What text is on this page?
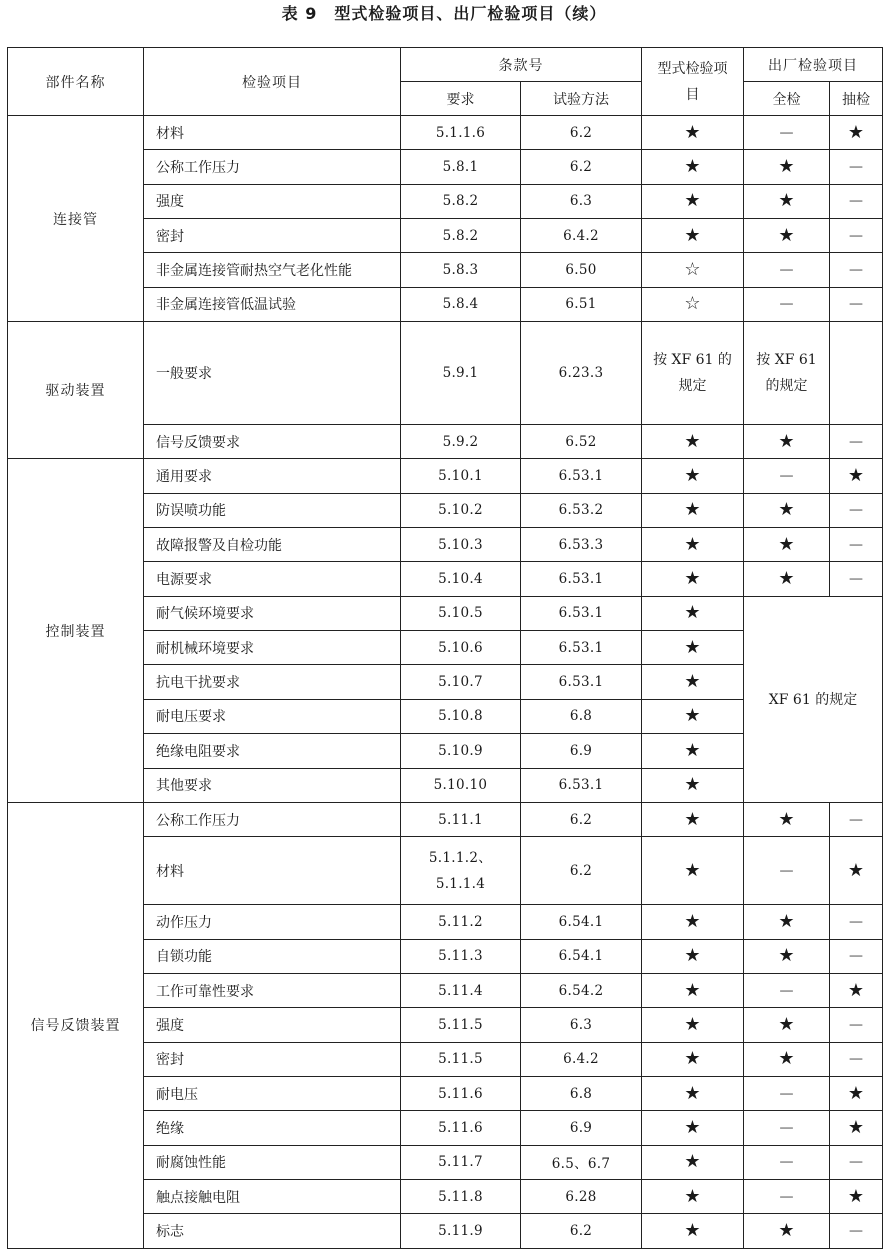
表 9　型式检验项目、出厂检验项目（续）
部件名称	检验项目	条款号		型式检验项目	出厂检验项目	
		要求	试验方法		全检	抽检
连接管	材料	5.1.1.6	6.2	★	—	★
	公称工作压力	5.8.1	6.2	★	★	—
	强度	5.8.2	6.3	★	★	—
	密封	5.8.2	6.4.2	★	★	—
	非金属连接管耐热空气老化性能	5.8.3	6.50	☆	—	—
	非金属连接管低温试验	5.8.4	6.51	☆	—	—
驱动装置	一般要求	5.9.1	6.23.3	按 XF 61 的规定	按 XF 61 的规定	
	信号反馈要求	5.9.2	6.52	★	★	—
控制装置	通用要求	5.10.1	6.53.1	★	—	★
	防误喷功能	5.10.2	6.53.2	★	★	—
	故障报警及自检功能	5.10.3	6.53.3	★	★	—
	电源要求	5.10.4	6.53.1	★	★	—
	耐气候环境要求	5.10.5	6.53.1	★	XF 61 的规定	
	耐机械环境要求	5.10.6	6.53.1	★		
	抗电干扰要求	5.10.7	6.53.1	★		
	耐电压要求	5.10.8	6.8	★		
	绝缘电阻要求	5.10.9	6.9	★		
	其他要求	5.10.10	6.53.1	★		
信号反馈装置	公称工作压力	5.11.1	6.2	★	★	—
	材料	5.1.1.2、
5.1.1.4	6.2	★	—	★
	动作压力	5.11.2	6.54.1	★	★	—
	自锁功能	5.11.3	6.54.1	★	★	—
	工作可靠性要求	5.11.4	6.54.2	★	—	★
	强度	5.11.5	6.3	★	★	—
	密封	5.11.5	6.4.2	★	★	—
	耐电压	5.11.6	6.8	★	—	★
	绝缘	5.11.6	6.9	★	—	★
	耐腐蚀性能	5.11.7	6.5、6.7	★	—	—
	触点接触电阻	5.11.8	6.28	★	—	★
	标志	5.11.9	6.2	★	★	—
